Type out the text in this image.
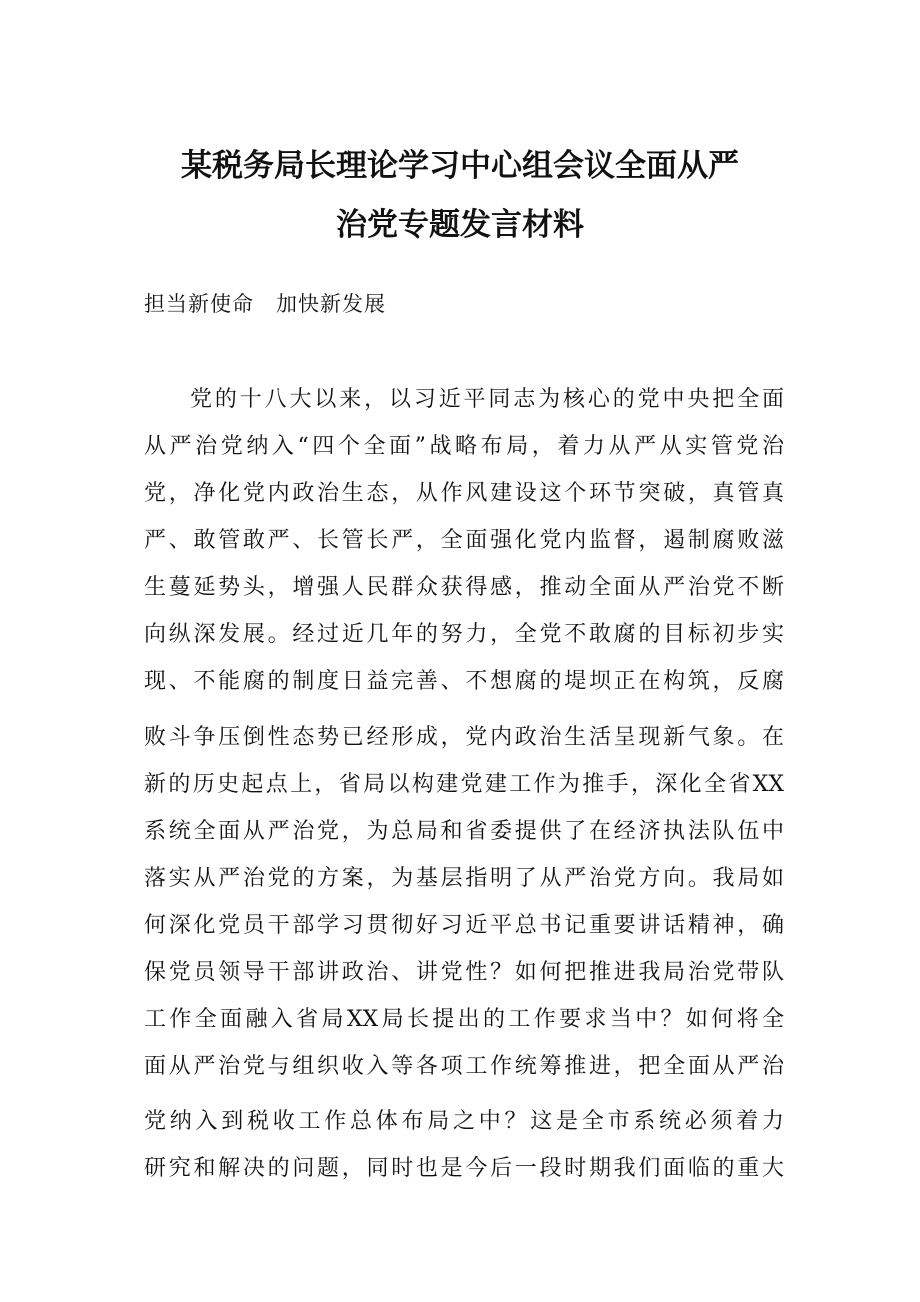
某税务局长理论学习中心组会议全面从严
治党专题发言材料
担当新使命　加快新发展
党的十八大以来，以习近平同志为核心的党中央把全面
从严治党纳入“四个全面”战略布局，着力从严从实管党治
党，净化党内政治生态，从作风建设这个环节突破，真管真
严、敢管敢严、长管长严，全面强化党内监督，遏制腐败滋
生蔓延势头，增强人民群众获得感，推动全面从严治党不断
向纵深发展。经过近几年的努力，全党不敢腐的目标初步实
现、不能腐的制度日益完善、不想腐的堤坝正在构筑，反腐
败斗争压倒性态势已经形成，党内政治生活呈现新气象。在
新的历史起点上，省局以构建党建工作为推手，深化全省XX
系统全面从严治党，为总局和省委提供了在经济执法队伍中
落实从严治党的方案，为基层指明了从严治党方向。我局如
何深化党员干部学习贯彻好习近平总书记重要讲话精神，确
保党员领导干部讲政治、讲党性？如何把推进我局治党带队
工作全面融入省局XX局长提出的工作要求当中？如何将全
面从严治党与组织收入等各项工作统筹推进，把全面从严治
党纳入到税收工作总体布局之中？这是全市系统必须着力
研究和解决的问题，同时也是今后一段时期我们面临的重大
